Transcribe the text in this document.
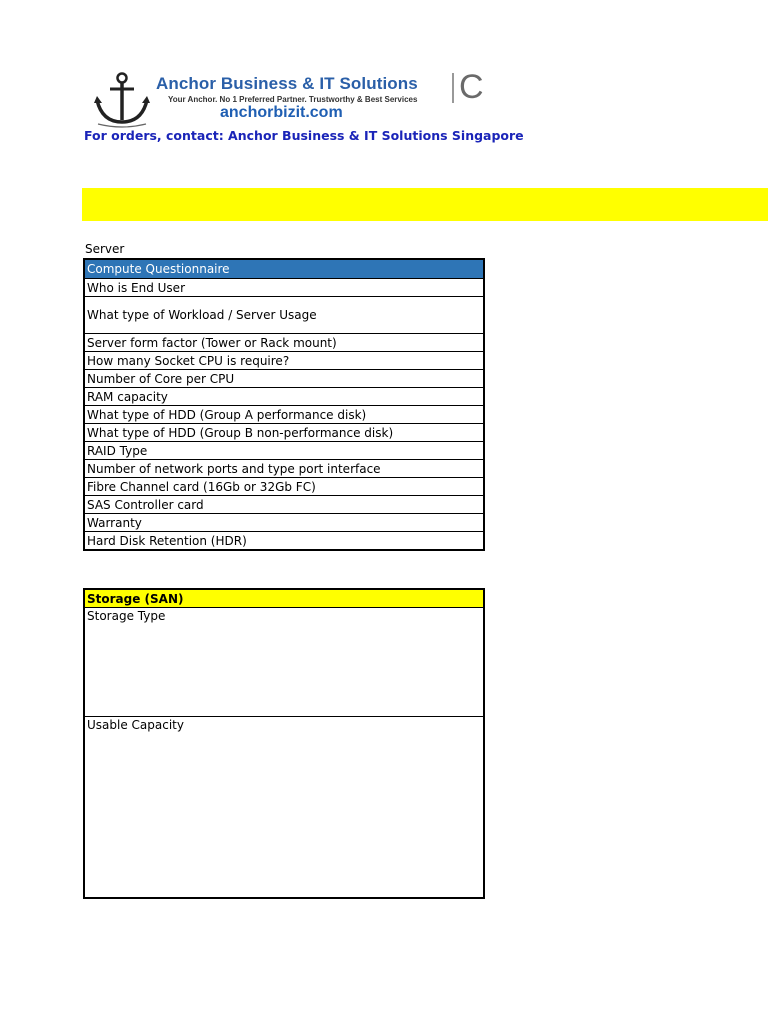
Anchor Business & IT Solutions
Your Anchor. No 1 Preferred Partner. Trustworthy & Best Services
anchorbizit.com
C
For orders, contact: Anchor Business & IT Solutions Singapore
Server
Compute Questionnaire
Who is End User
What type of Workload / Server Usage
Server form factor (Tower or Rack mount)
How many Socket CPU is require?
Number of Core per CPU
RAM capacity
What type of HDD (Group A performance disk)
What type of HDD (Group B non-performance disk)
RAID Type
Number of network ports and type port interface
Fibre Channel card (16Gb or 32Gb FC)
SAS Controller card
Warranty
Hard Disk Retention (HDR)
Storage (SAN)
Storage Type
Usable Capacity
